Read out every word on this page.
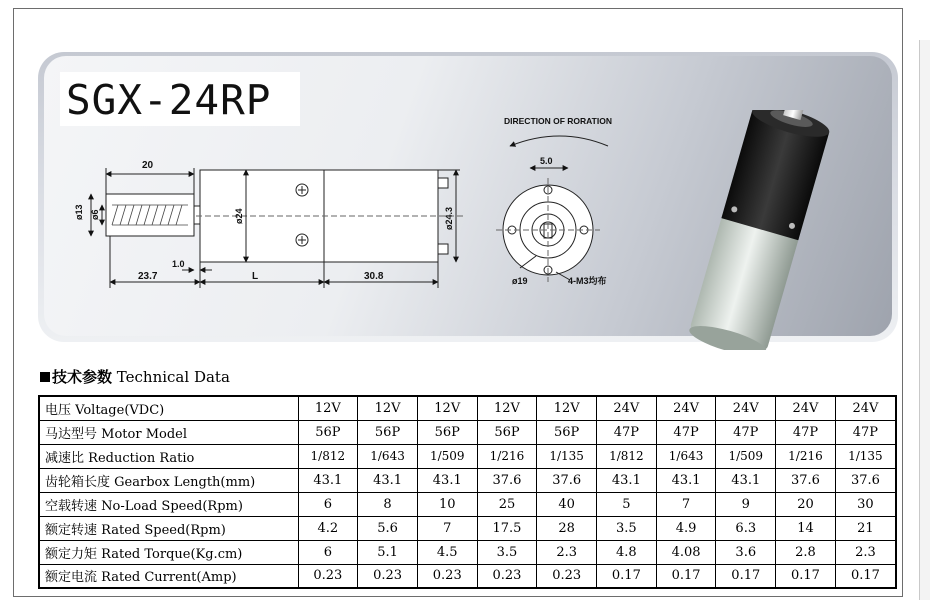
SGX-24RP
20
ø13 ø6	ø24	ø24.3
1.0
23.7	L	30.8
DIRECTION OF RORATION
5.0
ø19	4-M3均布
技术参数 Technical Data
电压 Voltage(VDC)	12V	12V	12V	12V	12V	24V	24V	24V	24V	24V
马达型号 Motor Model	56P	56P	56P	56P	56P	47P	47P	47P	47P	47P
减速比 Reduction Ratio	1/812	1/643	1/509	1/216	1/135	1/812	1/643	1/509	1/216	1/135
齿轮箱长度 Gearbox Length(mm)	43.1	43.1	43.1	37.6	37.6	43.1	43.1	43.1	37.6	37.6
空载转速 No-Load Speed(Rpm)	6	8	10	25	40	5	7	9	20	30
额定转速 Rated Speed(Rpm)	4.2	5.6	7	17.5	28	3.5	4.9	6.3	14	21
额定力矩 Rated Torque(Kg.cm)	6	5.1	4.5	3.5	2.3	4.8	4.08	3.6	2.8	2.3
额定电流 Rated Current(Amp)	0.23	0.23	0.23	0.23	0.23	0.17	0.17	0.17	0.17	0.17
